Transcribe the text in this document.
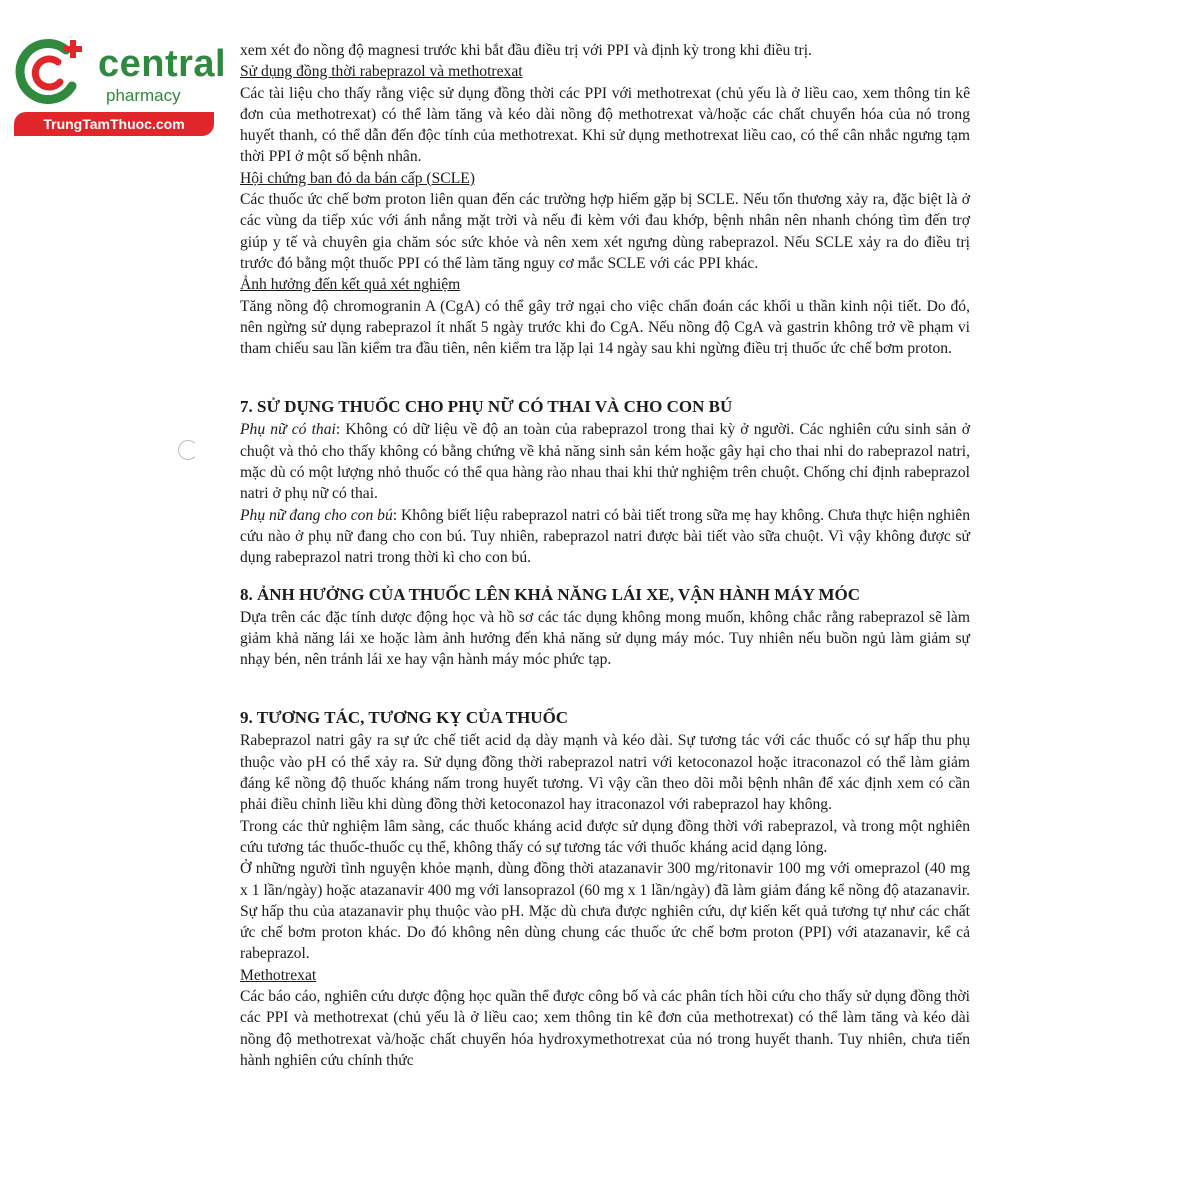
central
pharmacy
TrungTamThuoc.com

xem xét đo nồng độ magnesi trước khi bắt đầu điều trị với PPI và định kỳ trong khi điều trị.

Sử dụng đồng thời rabeprazol và methotrexat

Các tài liệu cho thấy rằng việc sử dụng đồng thời các PPI với methotrexat (chủ yếu là ở liều cao, xem thông tin kê đơn của methotrexat) có thể làm tăng và kéo dài nồng độ methotrexat và/hoặc các chất chuyển hóa của nó trong huyết thanh, có thể dẫn đến độc tính của methotrexat. Khi sử dụng methotrexat liều cao, có thể cân nhắc ngưng tạm thời PPI ở một số bệnh nhân.

Hội chứng ban đỏ da bán cấp (SCLE)

Các thuốc ức chế bơm proton liên quan đến các trường hợp hiếm gặp bị SCLE. Nếu tổn thương xảy ra, đặc biệt là ở các vùng da tiếp xúc với ánh nắng mặt trời và nếu đi kèm với đau khớp, bệnh nhân nên nhanh chóng tìm đến trợ giúp y tế và chuyên gia chăm sóc sức khỏe và nên xem xét ngưng dùng rabeprazol. Nếu SCLE xảy ra do điều trị trước đó bằng một thuốc PPI có thể làm tăng nguy cơ mắc SCLE với các PPI khác.

Ảnh hưởng đến kết quả xét nghiệm

Tăng nồng độ chromogranin A (CgA) có thể gây trở ngại cho việc chẩn đoán các khối u thần kinh nội tiết. Do đó, nên ngừng sử dụng rabeprazol ít nhất 5 ngày trước khi đo CgA. Nếu nồng độ CgA và gastrin không trở về phạm vi tham chiếu sau lần kiểm tra đầu tiên, nên kiểm tra lặp lại 14 ngày sau khi ngừng điều trị thuốc ức chế bơm proton.

7. SỬ DỤNG THUỐC CHO PHỤ NỮ CÓ THAI VÀ CHO CON BÚ

Phụ nữ có thai: Không có dữ liệu về độ an toàn của rabeprazol trong thai kỳ ở người. Các nghiên cứu sinh sản ở chuột và thỏ cho thấy không có bằng chứng về khả năng sinh sản kém hoặc gây hại cho thai nhi do rabeprazol natri, mặc dù có một lượng nhỏ thuốc có thể qua hàng rào nhau thai khi thử nghiệm trên chuột. Chống chỉ định rabeprazol natri ở phụ nữ có thai.

Phụ nữ đang cho con bú: Không biết liệu rabeprazol natri có bài tiết trong sữa mẹ hay không. Chưa thực hiện nghiên cứu nào ở phụ nữ đang cho con bú. Tuy nhiên, rabeprazol natri được bài tiết vào sữa chuột. Vì vậy không được sử dụng rabeprazol natri trong thời kì cho con bú.

8. ẢNH HƯỞNG CỦA THUỐC LÊN KHẢ NĂNG LÁI XE, VẬN HÀNH MÁY MÓC

Dựa trên các đặc tính dược động học và hồ sơ các tác dụng không mong muốn, không chắc rằng rabeprazol sẽ làm giảm khả năng lái xe hoặc làm ảnh hưởng đến khả năng sử dụng máy móc. Tuy nhiên nếu buồn ngủ làm giảm sự nhạy bén, nên tránh lái xe hay vận hành máy móc phức tạp.

9. TƯƠNG TÁC, TƯƠNG KỴ CỦA THUỐC

Rabeprazol natri gây ra sự ức chế tiết acid dạ dày mạnh và kéo dài. Sự tương tác với các thuốc có sự hấp thu phụ thuộc vào pH có thể xảy ra. Sử dụng đồng thời rabeprazol natri với ketoconazol hoặc itraconazol có thể làm giảm đáng kể nồng độ thuốc kháng nấm trong huyết tương. Vì vậy cần theo dõi mỗi bệnh nhân để xác định xem có cần phải điều chỉnh liều khi dùng đồng thời ketoconazol hay itraconazol với rabeprazol hay không.

Trong các thử nghiệm lâm sàng, các thuốc kháng acid được sử dụng đồng thời với rabeprazol, và trong một nghiên cứu tương tác thuốc-thuốc cụ thể, không thấy có sự tương tác với thuốc kháng acid dạng lỏng.

Ở những người tình nguyện khỏe mạnh, dùng đồng thời atazanavir 300 mg/ritonavir 100 mg với omeprazol (40 mg x 1 lần/ngày) hoặc atazanavir 400 mg với lansoprazol (60 mg x 1 lần/ngày) đã làm giảm đáng kể nồng độ atazanavir. Sự hấp thu của atazanavir phụ thuộc vào pH. Mặc dù chưa được nghiên cứu, dự kiến kết quả tương tự như các chất ức chế bơm proton khác. Do đó không nên dùng chung các thuốc ức chế bơm proton (PPI) với atazanavir, kể cả rabeprazol.

Methotrexat

Các báo cáo, nghiên cứu dược động học quần thể được công bố và các phân tích hồi cứu cho thấy sử dụng đồng thời các PPI và methotrexat (chủ yếu là ở liều cao; xem thông tin kê đơn của methotrexat) có thể làm tăng và kéo dài nồng độ methotrexat và/hoặc chất chuyển hóa hydroxymethotrexat của nó trong huyết thanh. Tuy nhiên, chưa tiến hành nghiên cứu chính thức
